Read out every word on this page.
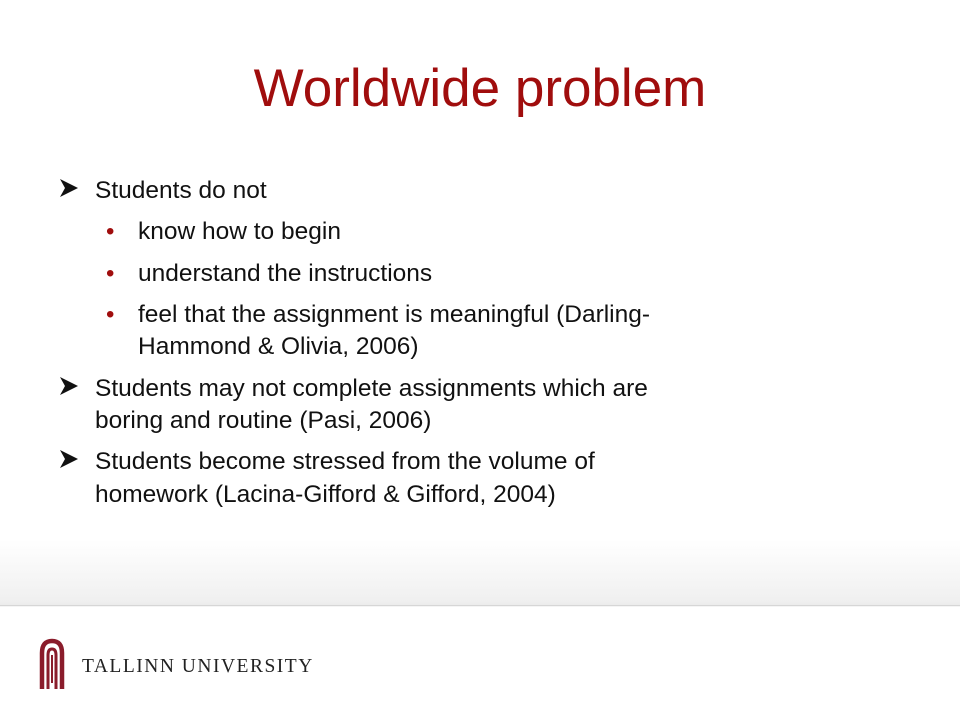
Worldwide problem
Students do not
• know how to begin
• understand the instructions
• feel that the assignment is meaningful (Darling-
Hammond & Olivia, 2006)
Students may not complete assignments which are
boring and routine (Pasi, 2006)
Students become stressed from the volume of
homework (Lacina-Gifford & Gifford, 2004)
TALLINN UNIVERSITY
